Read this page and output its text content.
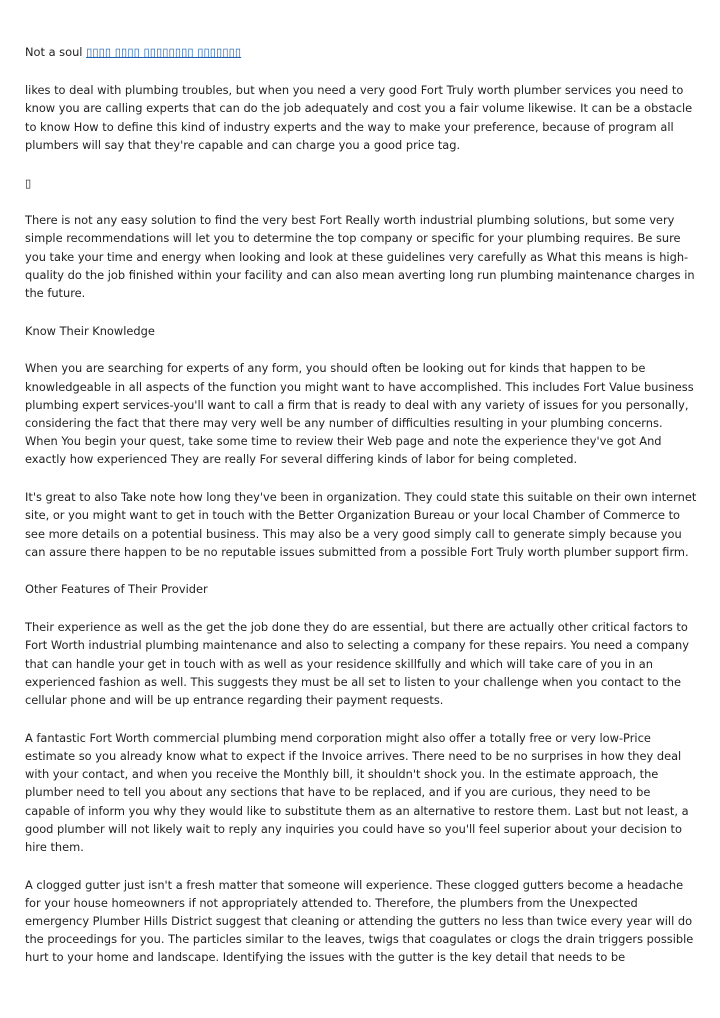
Not a soul ▯▯▯▯ ▯▯▯▯ ▯▯▯▯▯▯▯▯ ▯▯▯▯▯▯▯

likes to deal with plumbing troubles, but when you need a very good Fort Truly worth plumber services you need to know you are calling experts that can do the job adequately and cost you a fair volume likewise. It can be a obstacle to know How to define this kind of industry experts and the way to make your preference, because of program all plumbers will say that they're capable and can charge you a good price tag.

▯

There is not any easy solution to find the very best Fort Really worth industrial plumbing solutions, but some very simple recommendations will let you to determine the top company or specific for your plumbing requires. Be sure you take your time and energy when looking and look at these guidelines very carefully as What this means is high-quality do the job finished within your facility and can also mean averting long run plumbing maintenance charges in the future.

Know Their Knowledge

When you are searching for experts of any form, you should often be looking out for kinds that happen to be knowledgeable in all aspects of the function you might want to have accomplished. This includes Fort Value business plumbing expert services-you'll want to call a firm that is ready to deal with any variety of issues for you personally, considering the fact that there may very well be any number of difficulties resulting in your plumbing concerns. When You begin your quest, take some time to review their Web page and note the experience they've got And exactly how experienced They are really For several differing kinds of labor for being completed.

It's great to also Take note how long they've been in organization. They could state this suitable on their own internet site, or you might want to get in touch with the Better Organization Bureau or your local Chamber of Commerce to see more details on a potential business. This may also be a very good simply call to generate simply because you can assure there happen to be no reputable issues submitted from a possible Fort Truly worth plumber support firm.

Other Features of Their Provider

Their experience as well as the get the job done they do are essential, but there are actually other critical factors to Fort Worth industrial plumbing maintenance and also to selecting a company for these repairs. You need a company that can handle your get in touch with as well as your residence skillfully and which will take care of you in an experienced fashion as well. This suggests they must be all set to listen to your challenge when you contact to the cellular phone and will be up entrance regarding their payment requests.

A fantastic Fort Worth commercial plumbing mend corporation might also offer a totally free or very low-Price estimate so you already know what to expect if the Invoice arrives. There need to be no surprises in how they deal with your contact, and when you receive the Monthly bill, it shouldn't shock you. In the estimate approach, the plumber need to tell you about any sections that have to be replaced, and if you are curious, they need to be capable of inform you why they would like to substitute them as an alternative to restore them. Last but not least, a good plumber will not likely wait to reply any inquiries you could have so you'll feel superior about your decision to hire them.

A clogged gutter just isn't a fresh matter that someone will experience. These clogged gutters become a headache for your house homeowners if not appropriately attended to. Therefore, the plumbers from the Unexpected emergency Plumber Hills District suggest that cleaning or attending the gutters no less than twice every year will do the proceedings for you. The particles similar to the leaves, twigs that coagulates or clogs the drain triggers possible hurt to your home and landscape. Identifying the issues with the gutter is the key detail that needs to be
